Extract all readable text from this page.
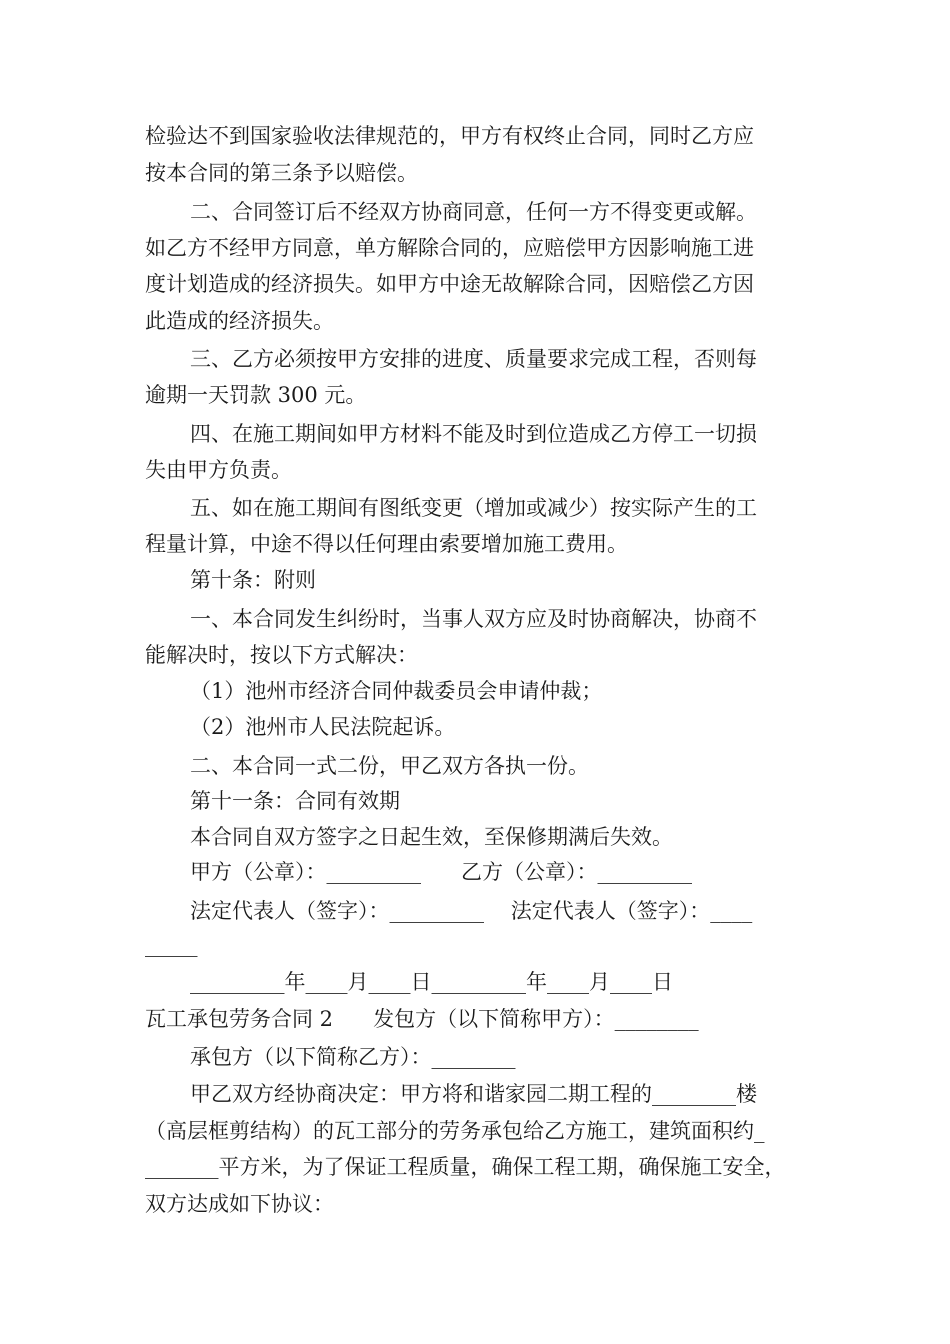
检验达不到国家验收法律规范的，甲方有权终止合同，同时乙方应
按本合同的第三条予以赔偿。
二、合同签订后不经双方协商同意，任何一方不得变更或解。
如乙方不经甲方同意，单方解除合同的，应赔偿甲方因影响施工进
度计划造成的经济损失。如甲方中途无故解除合同，因赔偿乙方因
此造成的经济损失。
三、乙方必须按甲方安排的进度、质量要求完成工程，否则每
逾期一天罚款 300 元。
四、在施工期间如甲方材料不能及时到位造成乙方停工一切损
失由甲方负责。
五、如在施工期间有图纸变更（增加或减少）按实际产生的工
程量计算，中途不得以任何理由索要增加施工费用。
第十条：附则
一、本合同发生纠纷时，当事人双方应及时协商解决，协商不
能解决时，按以下方式解决：
（1）池州市经济合同仲裁委员会申请仲裁；
（2）池州市人民法院起诉。
二、本合同一式二份，甲乙双方各执一份。
第十一条：合同有效期
本合同自双方签字之日起生效，至保修期满后失效。
甲方（公章）：_________      乙方（公章）：_________
法定代表人（签字）：_________    法定代表人（签字）：____
_____
_________年____月____日_________年____月____日
瓦工承包劳务合同 2      发包方（以下简称甲方）：________
承包方（以下简称乙方）：________
甲乙双方经协商决定：甲方将和谐家园二期工程的________楼
（高层框剪结构）的瓦工部分的劳务承包给乙方施工，建筑面积约_
_______平方米，为了保证工程质量，确保工程工期，确保施工安全，
双方达成如下协议：
